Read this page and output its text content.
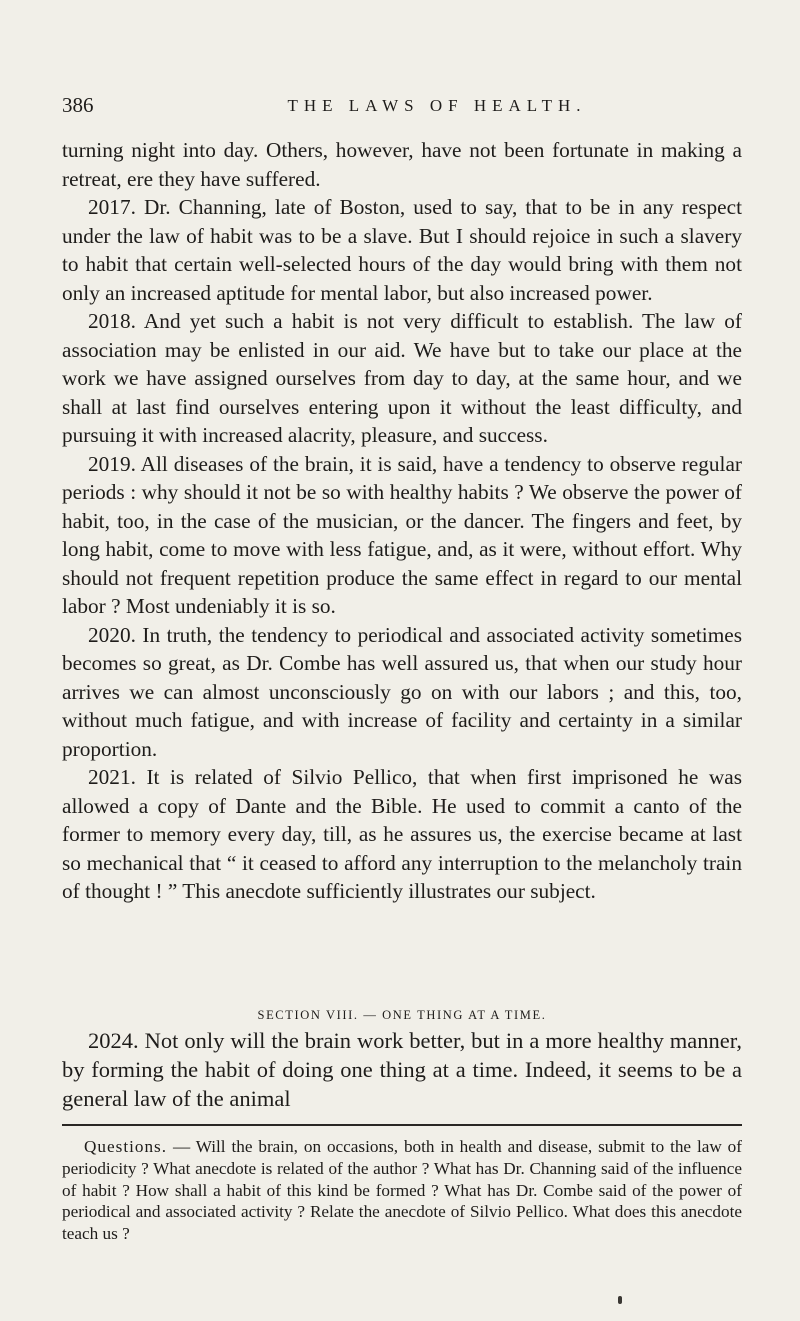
386	THE LAWS OF HEALTH.

turning night into day. Others, however, have not been fortunate in making a retreat, ere they have suffered.

2017. Dr. Channing, late of Boston, used to say, that to be in any respect under the law of habit was to be a slave. But I should rejoice in such a slavery to habit that certain well-selected hours of the day would bring with them not only an increased aptitude for mental labor, but also increased power.

2018. And yet such a habit is not very difficult to establish. The law of association may be enlisted in our aid. We have but to take our place at the work we have assigned ourselves from day to day, at the same hour, and we shall at last find ourselves entering upon it without the least difficulty, and pursuing it with increased alacrity, pleasure, and success.

2019. All diseases of the brain, it is said, have a tendency to observe regular periods : why should it not be so with healthy habits ? We observe the power of habit, too, in the case of the musician, or the dancer. The fingers and feet, by long habit, come to move with less fatigue, and, as it were, without effort. Why should not frequent repetition produce the same effect in regard to our mental labor ? Most undeniably it is so.

2020. In truth, the tendency to periodical and associated activity sometimes becomes so great, as Dr. Combe has well assured us, that when our study hour arrives we can almost unconsciously go on with our labors ; and this, too, without much fatigue, and with increase of facility and certainty in a similar proportion.

2021. It is related of Silvio Pellico, that when first imprisoned he was allowed a copy of Dante and the Bible. He used to commit a canto of the former to memory every day, till, as he assures us, the exercise became at last so mechanical that “ it ceased to afford any interruption to the melancholy train of thought ! ” This anecdote sufficiently illustrates our subject.

SECTION VIII. — ONE THING AT A TIME.

2024. Not only will the brain work better, but in a more healthy manner, by forming the habit of doing one thing at a time. Indeed, it seems to be a general law of the animal

Questions. — Will the brain, on occasions, both in health and disease, submit to the law of periodicity ? What anecdote is related of the author ? What has Dr. Channing said of the influence of habit ? How shall a habit of this kind be formed ? What has Dr. Combe said of the power of periodical and associated activity ? Relate the anecdote of Silvio Pellico. What does this anecdote teach us ?
